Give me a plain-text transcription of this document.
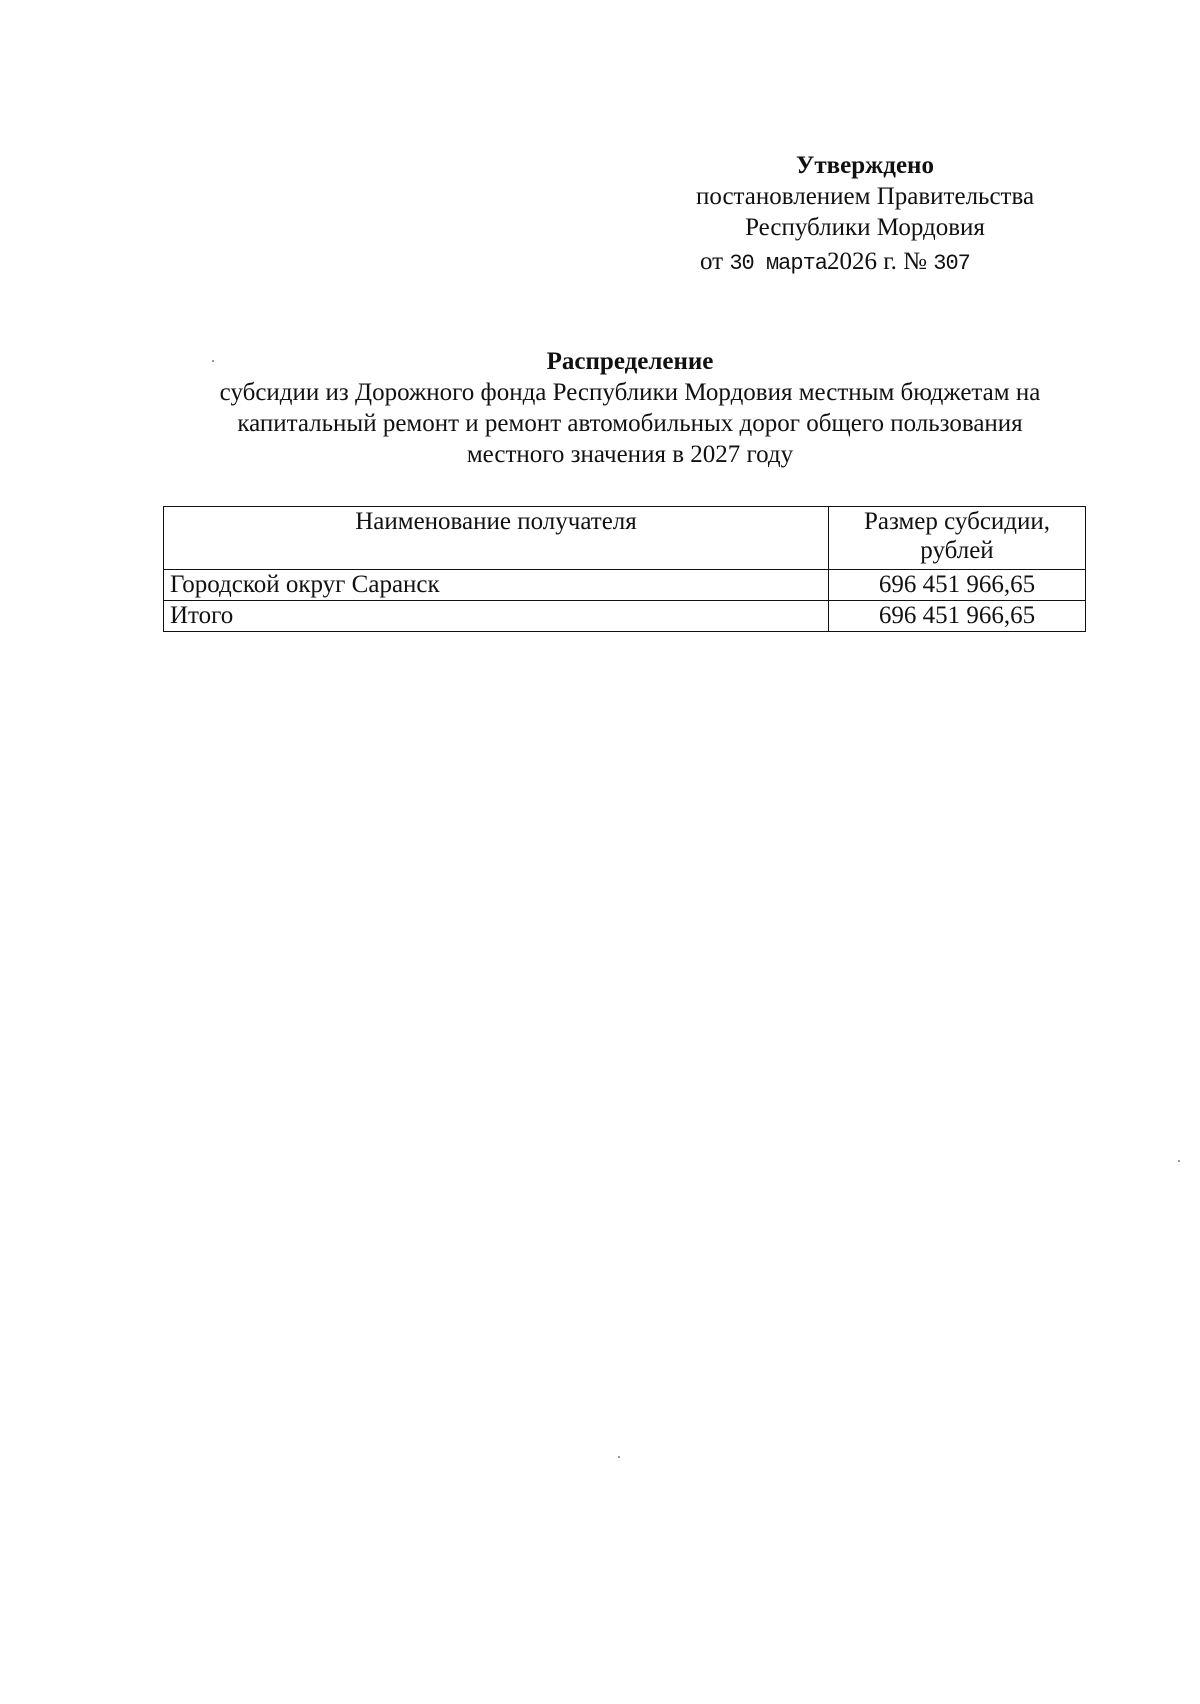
Утверждено
постановлением Правительства
Республики Мордовия
от 30 марта2026 г. № 307
Распределение
субсидии из Дорожного фонда Республики Мордовия местным бюджетам на
капитальный ремонт и ремонт автомобильных дорог общего пользования
местного значения в 2027 году
Наименование получателя	Размер субсидии, рублей
Городской округ Саранск	696 451 966,65
Итого	696 451 966,65
